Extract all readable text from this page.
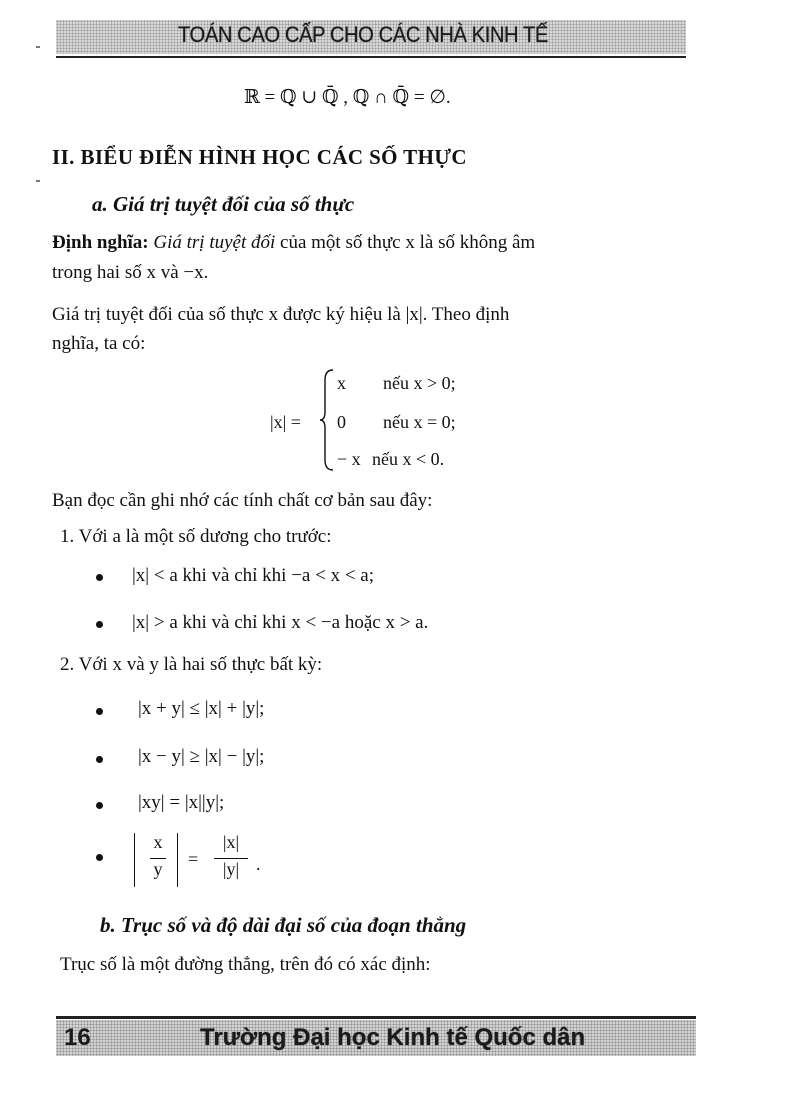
TOÁN CAO CẤP CHO CÁC NHÀ KINH TẾ
ℝ = ℚ ∪ ℚ̄ , ℚ ∩ ℚ̄ = ∅.
II. BIỂU ĐIỄN HÌNH HỌC CÁC SỐ THỰC
a. Giá trị tuyệt đối của số thực
Định nghĩa: Giá trị tuyệt đối của một số thực x là số không âm
trong hai số x và −x.
Giá trị tuyệt đối của số thực x được ký hiệu là |x|. Theo định
nghĩa, ta có:
|x| =
x nếu x > 0;
0 nếu x = 0;
− x nếu x < 0.
Bạn đọc cần ghi nhớ các tính chất cơ bản sau đây:
1. Với a là một số dương cho trước:
|x| < a khi và chỉ khi −a < x < a;
|x| > a khi và chỉ khi x < −a hoặc x > a.
2. Với x và y là hai số thực bất kỳ:
|x + y| ≤ |x| + |y|;
|x − y| ≥ |x| − |y|;
|xy| = |x||y|;
x
y	=
|x|
|y| .
b. Trục số và độ dài đại số của đoạn thẳng
Trục số là một đường thẳng, trên đó có xác định:
16	Trường Đại học Kinh tế Quốc dân
